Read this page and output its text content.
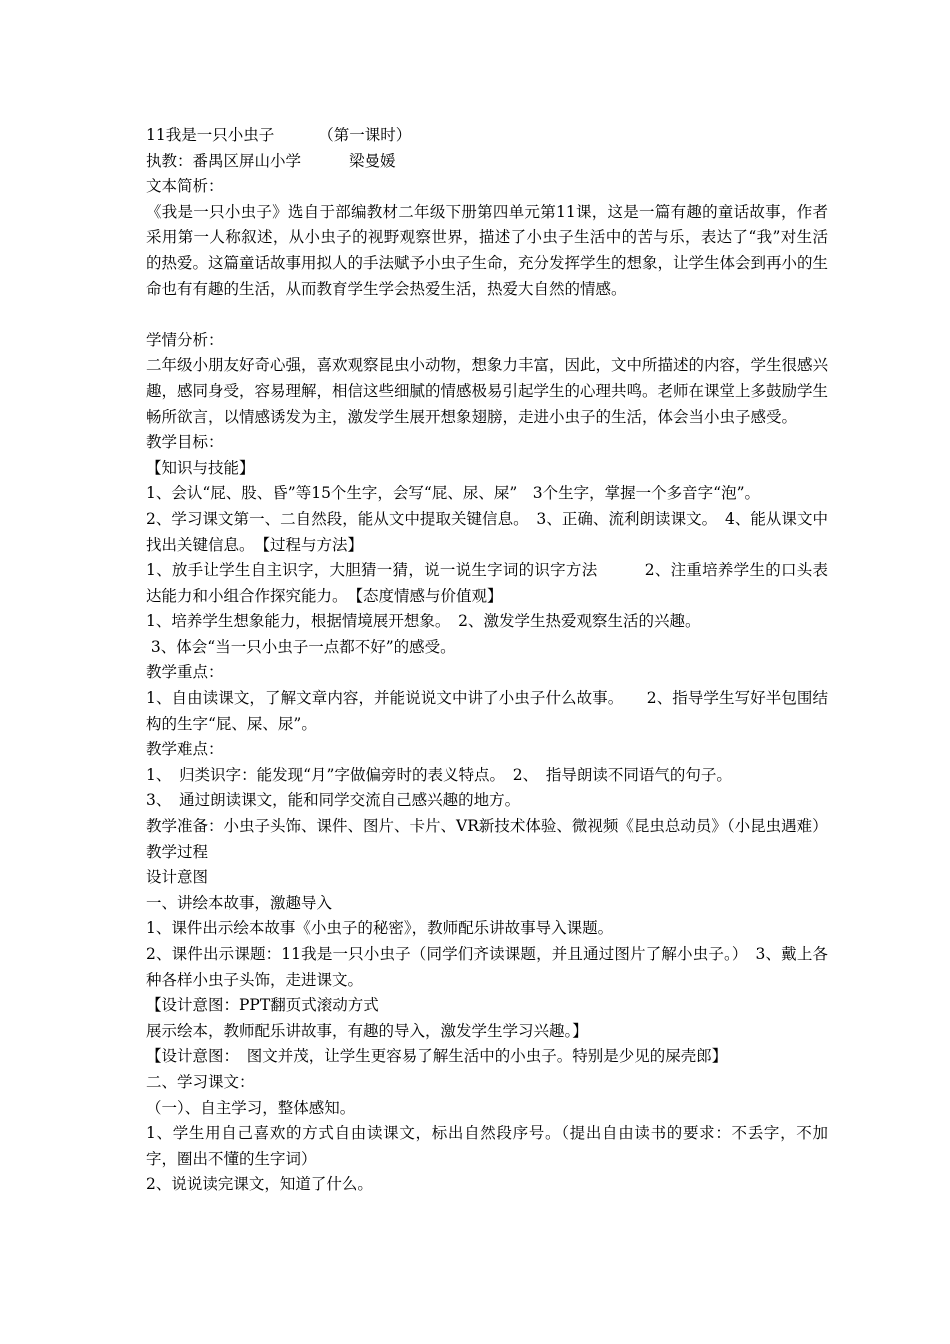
11我是一只小虫子	（第一课时）
执教：番禺区屏山小学	梁曼媛
文本简析：
《我是一只小虫子》选自于部编教材二年级下册第四单元第11课，这是一篇有趣的童话故事，作者采用第一人称叙述，从小虫子的视野观察世界，描述了小虫子生活中的苦与乐，表达了“我”对生活的热爱。这篇童话故事用拟人的手法赋予小虫子生命，充分发挥学生的想象，让学生体会到再小的生命也有有趣的生活，从而教育学生学会热爱生活，热爱大自然的情感。
学情分析：
二年级小朋友好奇心强，喜欢观察昆虫小动物，想象力丰富，因此，文中所描述的内容，学生很感兴趣，感同身受，容易理解，相信这些细腻的情感极易引起学生的心理共鸣。老师在课堂上多鼓励学生畅所欲言，以情感诱发为主，激发学生展开想象翅膀，走进小虫子的生活，体会当小虫子感受。
教学目标：
【知识与技能】
1、会认“屁、股、昏”等15个生字，会写“屁、尿、屎”　3个生字，掌握一个多音字“泡”。
2、学习课文第一、二自然段，能从文中提取关键信息。　3、正确、流利朗读课文。　4、能从课文中找出关键信息。　【过程与方法】
1、放手让学生自主识字，大胆猜一猜，说一说生字词的识字方法　　　2、注重培养学生的口头表达能力和小组合作探究能力。　【态度情感与价值观】
1、培养学生想象能力，根据情境展开想象。　2、激发学生热爱观察生活的兴趣。
3、体会“当一只小虫子一点都不好”的感受。
教学重点：
1、自由读课文，了解文章内容，并能说说文中讲了小虫子什么故事。　　2、指导学生写好半包围结构的生字“屁、屎、尿”。
教学难点：
1、　归类识字：能发现“月”字做偏旁时的表义特点。　2、　指导朗读不同语气的句子。
3、　通过朗读课文，能和同学交流自己感兴趣的地方。
教学准备：小虫子头饰、课件、图片、卡片、VR新技术体验、微视频《昆虫总动员》（小昆虫遇难）
教学过程
设计意图
一、讲绘本故事，激趣导入
1、课件出示绘本故事《小虫子的秘密》，教师配乐讲故事导入课题。
2、课件出示课题：11我是一只小虫子（同学们齐读课题，并且通过图片了解小虫子。）　3、戴上各种各样小虫子头饰，走进课文。
【设计意图：PPT翻页式滚动方式
展示绘本，教师配乐讲故事，有趣的导入，激发学生学习兴趣。】
【设计意图：　图文并茂，让学生更容易了解生活中的小虫子。特别是少见的屎壳郎】
二、学习课文：
（一）、自主学习，整体感知。
1、学生用自己喜欢的方式自由读课文，标出自然段序号。（提出自由读书的要求：不丢字，不加字，圈出不懂的生字词）
2、说说读完课文，知道了什么。
